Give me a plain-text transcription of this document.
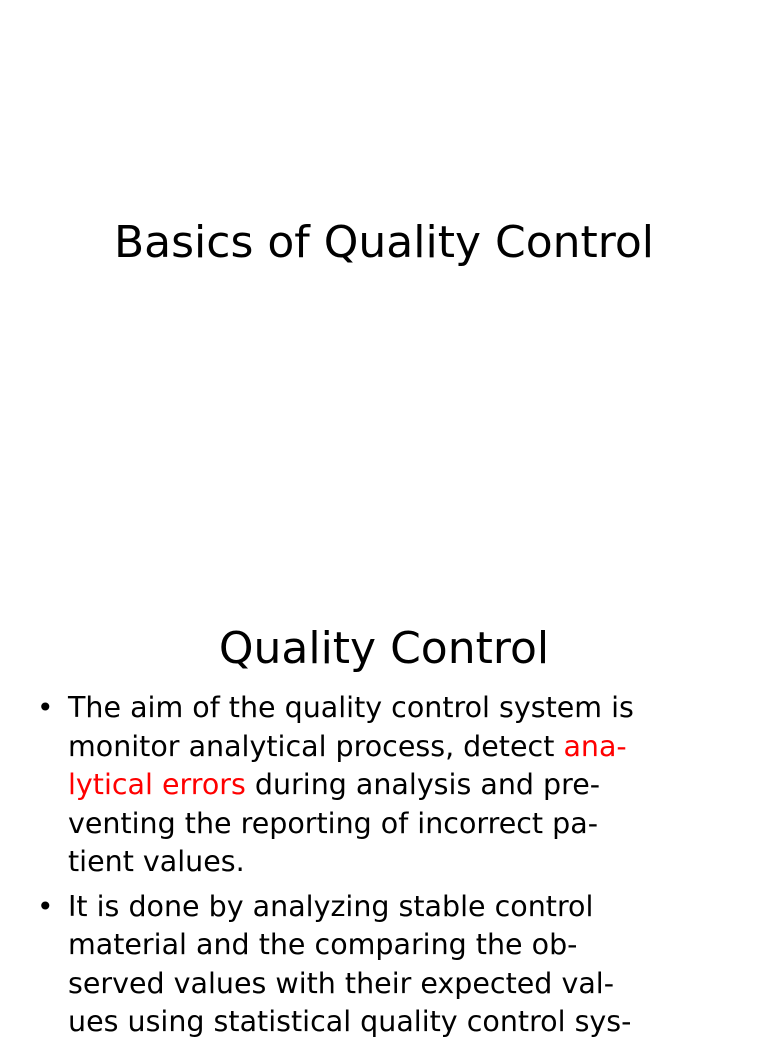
Basics of Quality Control
Quality Control
• The aim of the quality control system is
monitor analytical process, detect ana-
lytical errors during analysis and pre-
venting the reporting of incorrect pa-
tient values.
• It is done by analyzing stable control
material and the comparing the ob-
served values with their expected val-
ues using statistical quality control sys-
